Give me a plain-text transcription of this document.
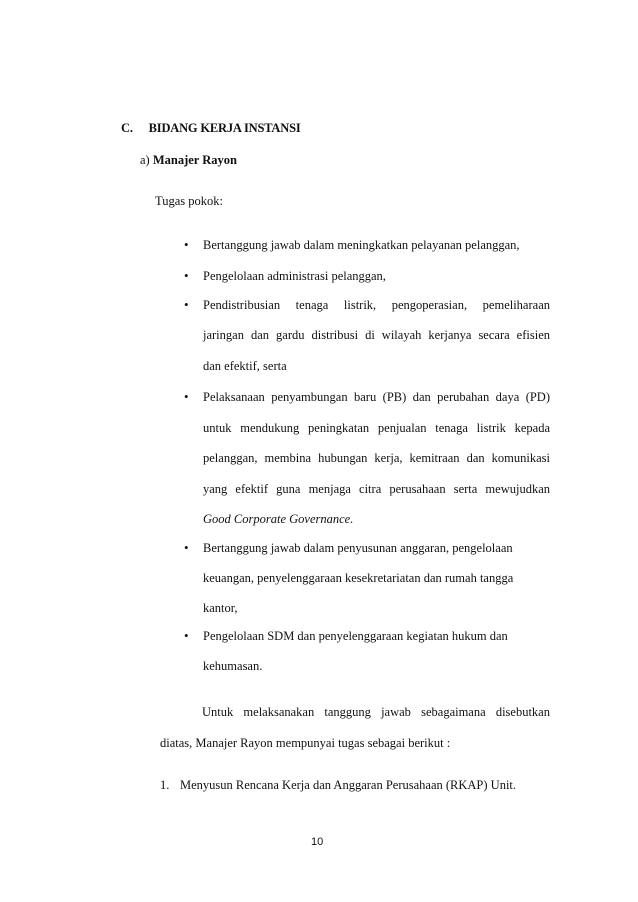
C. BIDANG KERJA INSTANSI
a) Manajer Rayon
Tugas pokok:
• Bertanggung jawab dalam meningkatkan pelayanan pelanggan,
• Pengelolaan administrasi pelanggan,
• Pendistribusian tenaga listrik, pengoperasian, pemeliharaan
jaringan dan gardu distribusi di wilayah kerjanya secara efisien
dan efektif, serta
• Pelaksanaan penyambungan baru (PB) dan perubahan daya (PD)
untuk mendukung peningkatan penjualan tenaga listrik kepada
pelanggan, membina hubungan kerja, kemitraan dan komunikasi
yang efektif guna menjaga citra perusahaan serta mewujudkan
Good Corporate Governance.
• Bertanggung jawab dalam penyusunan anggaran, pengelolaan
keuangan, penyelenggaraan kesekretariatan dan rumah tangga
kantor,
• Pengelolaan SDM dan penyelenggaraan kegiatan hukum dan
kehumasan.
Untuk melaksanakan tanggung jawab sebagaimana disebutkan
diatas, Manajer Rayon mempunyai tugas sebagai berikut :
1. Menyusun Rencana Kerja dan Anggaran Perusahaan (RKAP) Unit.
10
